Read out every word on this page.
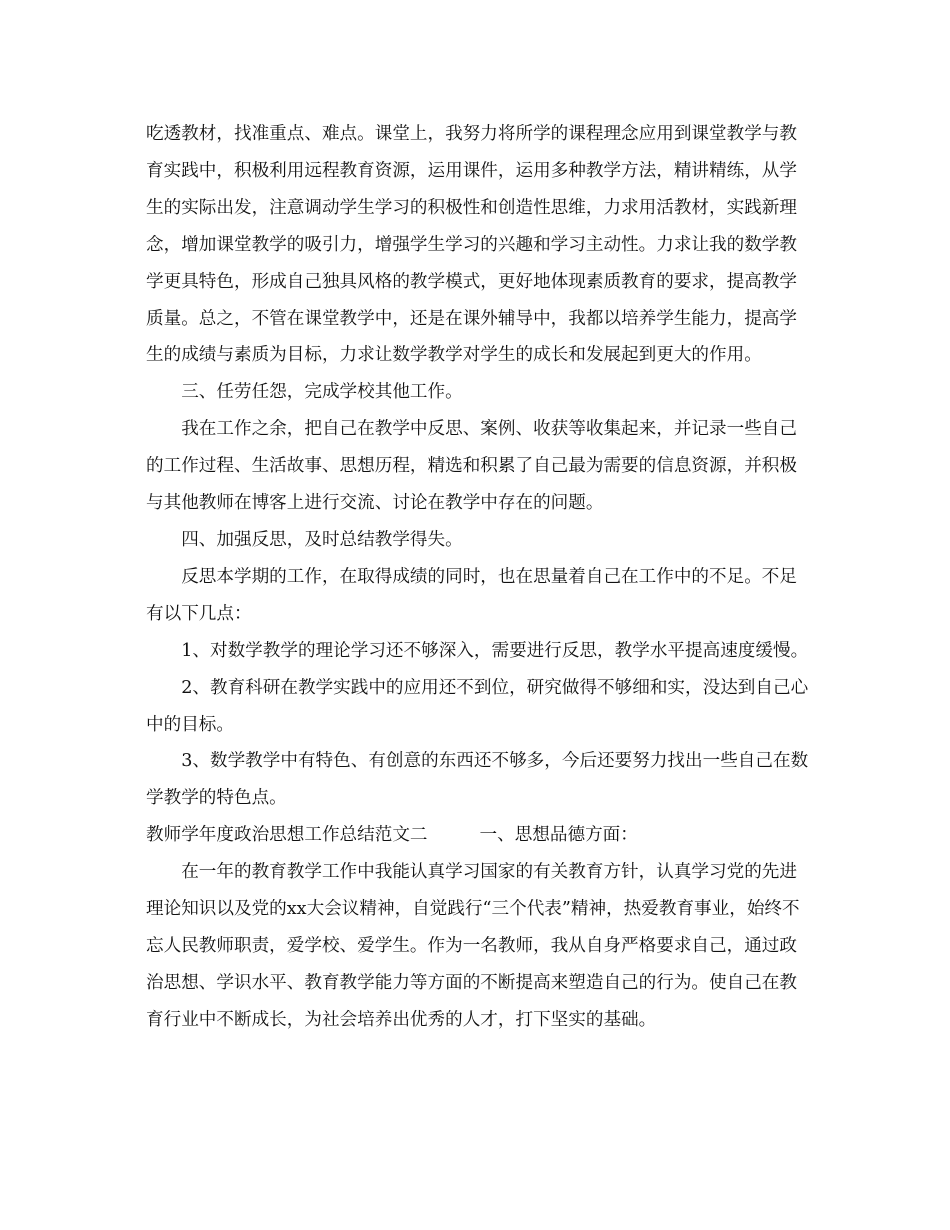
吃透教材，找准重点、难点。课堂上，我努力将所学的课程理念应用到课堂教学与教育实践中，积极利用远程教育资源，运用课件，运用多种教学方法，精讲精练，从学生的实际出发，注意调动学生学习的积极性和创造性思维，力求用活教材，实践新理念，增加课堂教学的吸引力，增强学生学习的兴趣和学习主动性。力求让我的数学教学更具特色，形成自己独具风格的教学模式，更好地体现素质教育的要求，提高教学质量。总之，不管在课堂教学中，还是在课外辅导中，我都以培养学生能力，提高学生的成绩与素质为目标，力求让数学教学对学生的成长和发展起到更大的作用。

三、任劳任怨，完成学校其他工作。

我在工作之余，把自己在教学中反思、案例、收获等收集起来，并记录一些自己的工作过程、生活故事、思想历程，精选和积累了自己最为需要的信息资源，并积极与其他教师在博客上进行交流、讨论在教学中存在的问题。

四、加强反思，及时总结教学得失。

反思本学期的工作，在取得成绩的同时，也在思量着自己在工作中的不足。不足有以下几点：

1、对数学教学的理论学习还不够深入，需要进行反思，教学水平提高速度缓慢。

2、教育科研在教学实践中的应用还不到位，研究做得不够细和实，没达到自己心中的目标。

3、数学教学中有特色、有创意的东西还不够多，今后还要努力找出一些自己在数学教学的特色点。

教师学年度政治思想工作总结范文二	一、思想品德方面：

在一年的教育教学工作中我能认真学习国家的有关教育方针，认真学习党的先进理论知识以及党的xx大会议精神，自觉践行“三个代表”精神，热爱教育事业，始终不忘人民教师职责，爱学校、爱学生。作为一名教师，我从自身严格要求自己，通过政治思想、学识水平、教育教学能力等方面的不断提高来塑造自己的行为。使自己在教育行业中不断成长，为社会培养出优秀的人才，打下坚实的基础。
